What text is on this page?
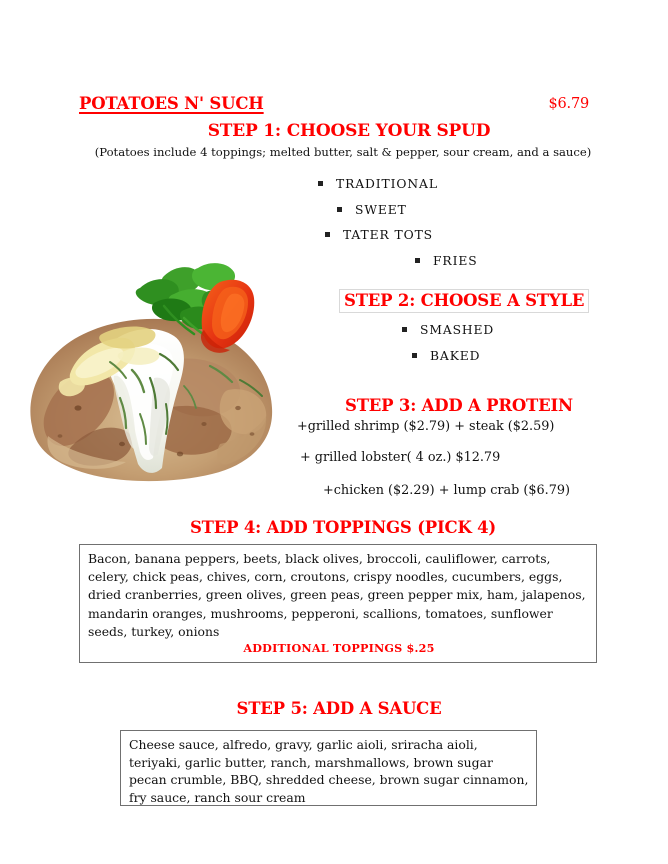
POTATOES N' SUCH	$6.79
STEP 1: CHOOSE YOUR SPUD
(Potatoes include 4 toppings; melted butter, salt & pepper, sour cream, and a sauce)
TRADITIONAL
SWEET
TATER TOTS
FRIES
STEP 2: CHOOSE A STYLE
SMASHED
BAKED
STEP 3: ADD A PROTEIN
+grilled shrimp ($2.79) + steak ($2.59)
+ grilled lobster( 4 oz.) $12.79
+chicken ($2.29) + lump crab ($6.79)
STEP 4: ADD TOPPINGS (PICK 4)
Bacon, banana peppers, beets, black olives, broccoli, cauliflower, carrots, celery, chick peas, chives, corn, croutons, crispy noodles, cucumbers, eggs, dried cranberries, green olives, green peas, green pepper mix, ham, jalapenos, mandarin oranges, mushrooms, pepperoni, scallions, tomatoes, sunflower seeds, turkey, onions
ADDITIONAL TOPPINGS $.25
STEP 5: ADD A SAUCE
Cheese sauce, alfredo, gravy, garlic aioli, sriracha aioli, teriyaki, garlic butter, ranch, marshmallows, brown sugar pecan crumble, BBQ, shredded cheese, brown sugar cinnamon, fry sauce, ranch sour cream
